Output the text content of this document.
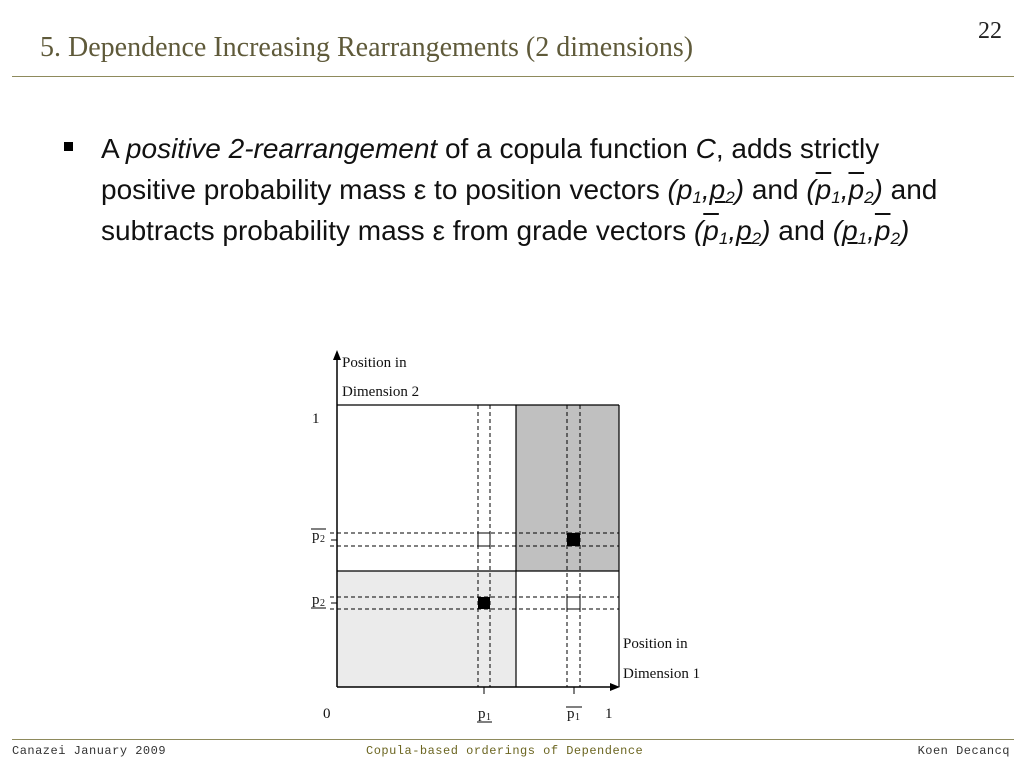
5. Dependence Increasing Rearrangements (2 dimensions)
22
A positive 2-rearrangement of a copula function C, adds strictly positive probability mass ε to position vectors $(p_1,p_2)$ and $(\overline{p}_1,\overline{p}_2)$ and subtracts probability mass ε from grade vectors $(\overline{p}_1,p_2)$ and $(p_1,\overline{p}_2)$
Position in
Dimension 2
Position in
Dimension 1
1
0	1
p 2
p 2
p 1	p 1
Canazei January 2009	Copula-based orderings of Dependence	Koen Decancq
